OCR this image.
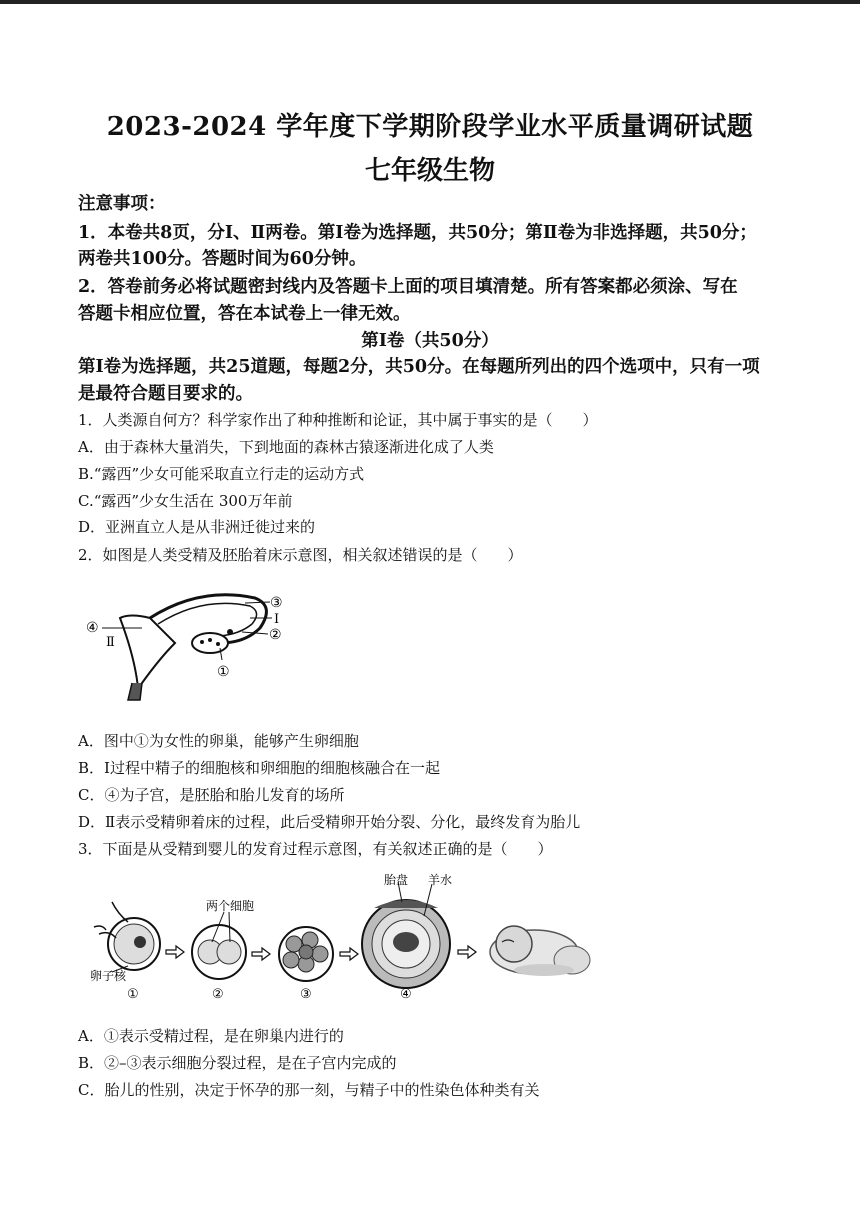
2023-2024 学年度下学期阶段学业水平质量调研试题
七年级生物
注意事项：
1．本卷共8页，分Ⅰ、Ⅱ两卷。第Ⅰ卷为选择题，共50分；第Ⅱ卷为非选择题，共50分；
两卷共100分。答题时间为60分钟。
2．答卷前务必将试题密封线内及答题卡上面的项目填清楚。所有答案都必须涂、写在
答题卡相应位置，答在本试卷上一律无效。
第Ⅰ卷（共50分）
第Ⅰ卷为选择题，共25道题，每题2分，共50分。在每题所列出的四个选项中，只有一项
是最符合题目要求的。
1．人类源自何方？科学家作出了种种推断和论证，其中属于事实的是（　　）
A．由于森林大量消失，下到地面的森林古猿逐渐进化成了人类
B.“露西”少女可能采取直立行走的运动方式
C.“露西”少女生活在 300万年前
D．亚洲直立人是从非洲迁徙过来的
2．如图是人类受精及胚胎着床示意图，相关叙述错误的是（　　）
④
Ⅱ
③
Ⅰ
②
①
A．图中①为女性的卵巢，能够产生卵细胞
B．Ⅰ过程中精子的细胞核和卵细胞的细胞核融合在一起
C．④为子宫，是胚胎和胎儿发育的场所
D．Ⅱ表示受精卵着床的过程，此后受精卵开始分裂、分化，最终发育为胎儿
3．下面是从受精到婴儿的发育过程示意图，有关叙述正确的是（　　）
卵子核
①
两个细胞
②	③
胎盘 羊水
④
A．①表示受精过程，是在卵巢内进行的
B．②–③表示细胞分裂过程，是在子宫内完成的
C．胎儿的性别，决定于怀孕的那一刻，与精子中的性染色体种类有关
